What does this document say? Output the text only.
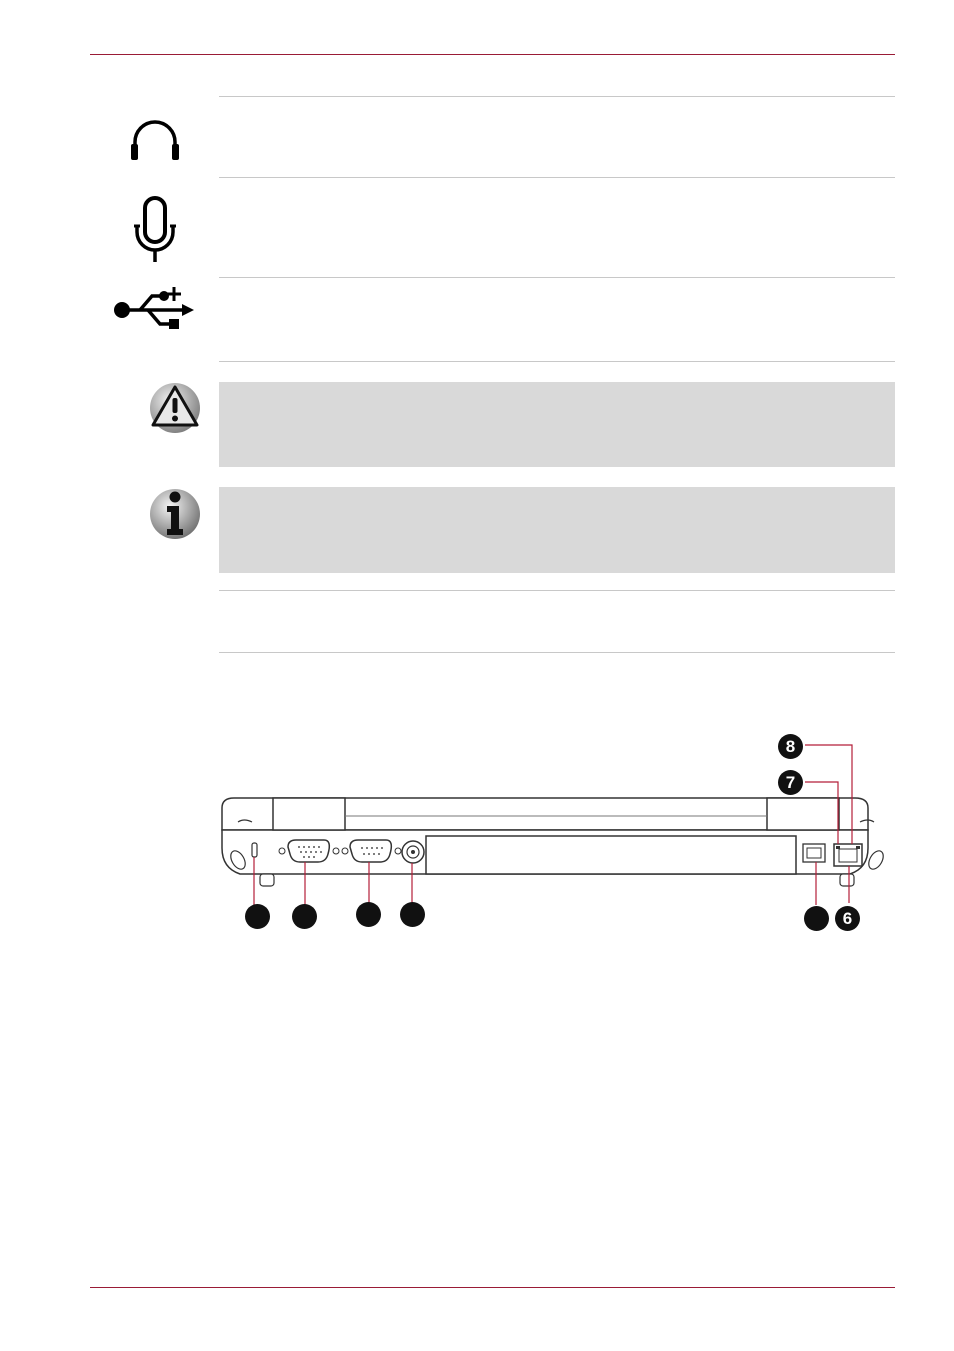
6
7
8
